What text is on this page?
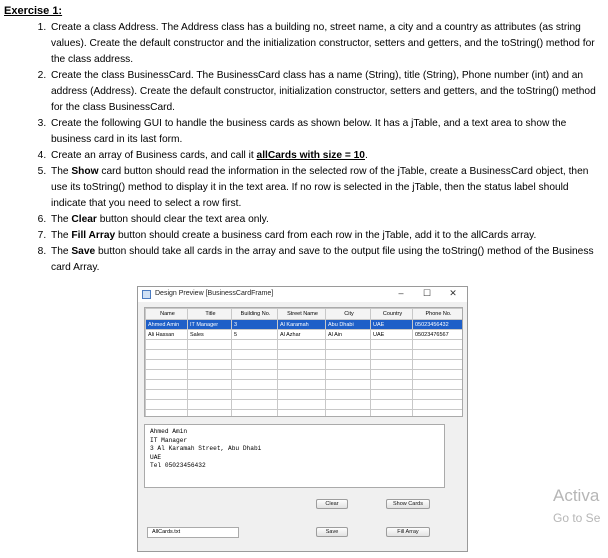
Exercise 1:
1. Create a class Address. The Address class has a building no, street name, a city and a country as attributes (as string values). Create the default constructor and the initialization constructor, setters and getters, and the toString() method for the class address.
2. Create the class BusinessCard. The BusinessCard class has a name (String), title (String), Phone number (int) and an address (Address). Create the default constructor, initialization constructor, setters and getters, and the toString() method for the class BusinessCard.
3. Create the following GUI to handle the business cards as shown below. It has a jTable, and a text area to show the business card in its last form.
4. Create an array of Business cards, and call it allCards with size = 10.
5. The Show card button should read the information in the selected row of the jTable, create a BusinessCard object, then use its toString() method to display it in the text area. If no row is selected in the jTable, then the status label should indicate that you need to select a row first.
6. The Clear button should clear the text area only.
7. The Fill Array button should create a business card from each row in the jTable, add it to the allCards array.
8. The Save button should take all cards in the array and save to the output file using the toString() method of the Business card Array.
Design Preview [BusinessCardFrame]	–	☐ ✕
Name	Title	Building No.	Street Name	City	Country	Phone No.
Ahmed Amin	IT Manager	3	Al Karamah	Abu Dhabi	UAE	05023456432
Ali Hassan	Sales	5	Al Azhar	Al Ain	UAE	05023476567

Ahmed Amin
IT Manager
3 Al Karamah Street, Abu Dhabi
UAE
Tel 05023456432
Clear	Show Cards
Save	Fill Array
AllCards.txt
Activa
Go to Se
